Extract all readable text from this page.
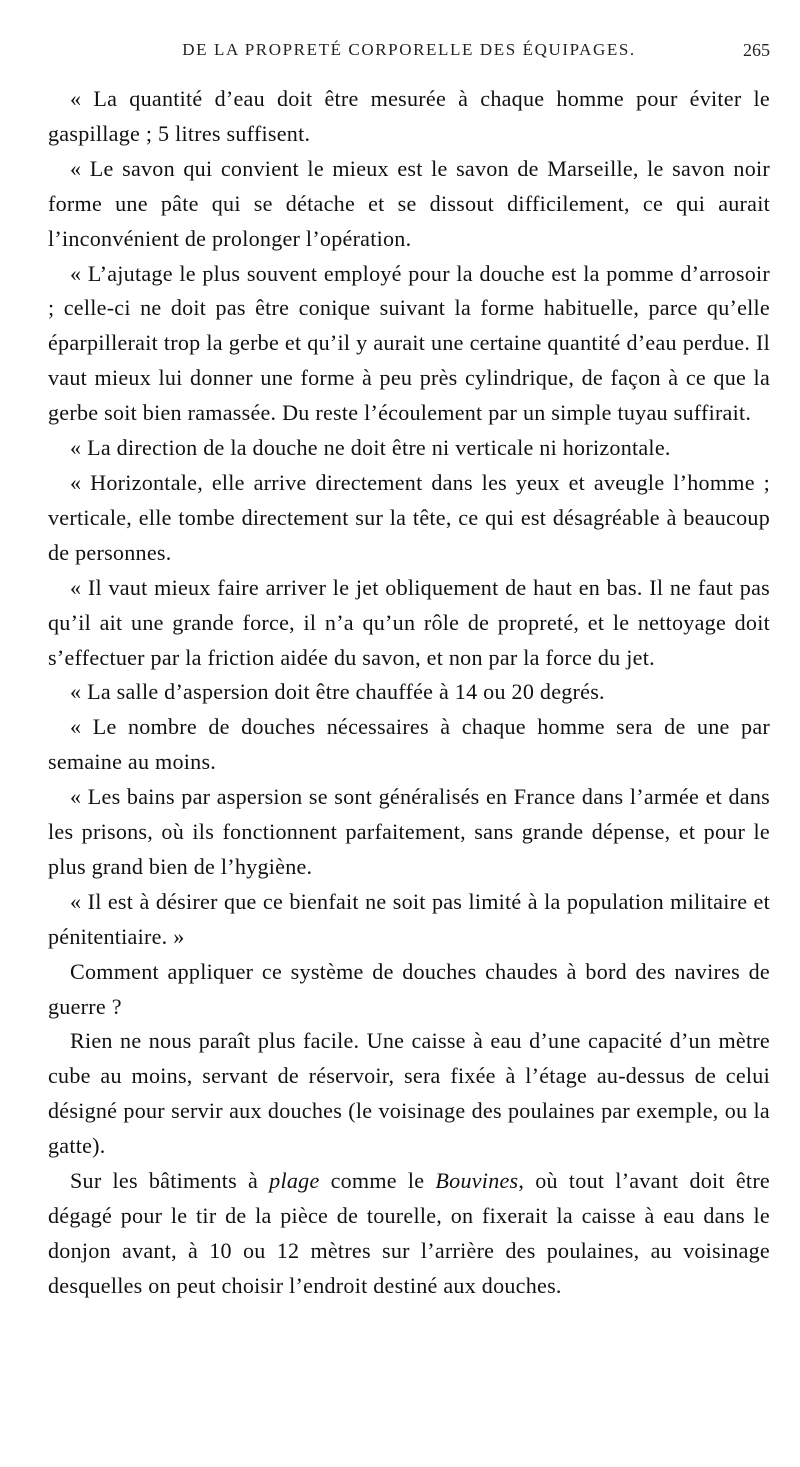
DE LA PROPRETÉ CORPORELLE DES ÉQUIPAGES.	265

« La quantité d’eau doit être mesurée à chaque homme pour éviter le gaspillage ; 5 litres suffisent.

« Le savon qui convient le mieux est le savon de Marseille, le savon noir forme une pâte qui se détache et se dissout difficilement, ce qui aurait l’inconvénient de prolonger l’opération.

« L’ajutage le plus souvent employé pour la douche est la pomme d’arrosoir ; celle-ci ne doit pas être conique suivant la forme habituelle, parce qu’elle éparpillerait trop la gerbe et qu’il y aurait une certaine quantité d’eau perdue. Il vaut mieux lui donner une forme à peu près cylindrique, de façon à ce que la gerbe soit bien ramassée. Du reste l’écoulement par un simple tuyau suffirait.

« La direction de la douche ne doit être ni verticale ni horizontale.

« Horizontale, elle arrive directement dans les yeux et aveugle l’homme ; verticale, elle tombe directement sur la tête, ce qui est désagréable à beaucoup de personnes.

« Il vaut mieux faire arriver le jet obliquement de haut en bas. Il ne faut pas qu’il ait une grande force, il n’a qu’un rôle de propreté, et le nettoyage doit s’effectuer par la friction aidée du savon, et non par la force du jet.

« La salle d’aspersion doit être chauffée à 14 ou 20 degrés.

« Le nombre de douches nécessaires à chaque homme sera de une par semaine au moins.

« Les bains par aspersion se sont généralisés en France dans l’armée et dans les prisons, où ils fonctionnent parfaitement, sans grande dépense, et pour le plus grand bien de l’hygiène.

« Il est à désirer que ce bienfait ne soit pas limité à la population militaire et pénitentiaire. »

Comment appliquer ce système de douches chaudes à bord des navires de guerre ?

Rien ne nous paraît plus facile. Une caisse à eau d’une capacité d’un mètre cube au moins, servant de réservoir, sera fixée à l’étage au-dessus de celui désigné pour servir aux douches (le voisinage des poulaines par exemple, ou la gatte).

Sur les bâtiments à plage comme le Bouvines, où tout l’avant doit être dégagé pour le tir de la pièce de tourelle, on fixerait la caisse à eau dans le donjon avant, à 10 ou 12 mètres sur l’arrière des poulaines, au voisinage desquelles on peut choisir l’endroit destiné aux douches.
